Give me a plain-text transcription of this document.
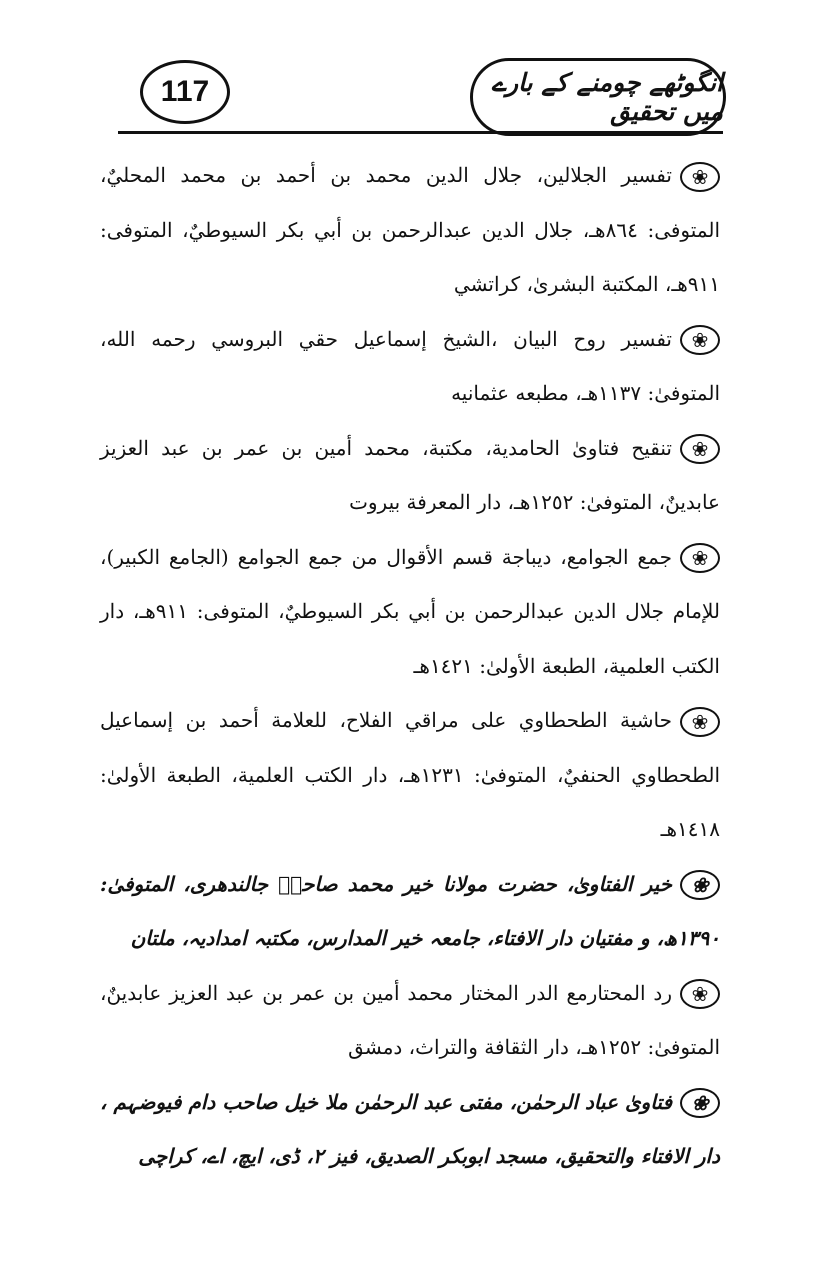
117	انگوٹھے چومنے کے بارے میں تحقیق

❀تفسير الجلالين، جلال الدين محمد بن أحمد بن محمد المحليٌ، المتوفى: ٨٦٤هـ، جلال الدين عبدالرحمن بن أبي بكر السيوطيٌ، المتوفى: ٩١١هـ، المكتبة البشرىٰ، كراتشي

❀تفسير روح البيان ،الشيخ إسماعيل حقي البروسي رحمه الله، المتوفىٰ: ١١٣٧هـ، مطبعه عثمانيه

❀تنقيح فتاوىٰ الحامدية، مكتبة، محمد أمين بن عمر بن عبد العزيز عابدينٌ، المتوفىٰ: ١٢٥٢هـ، دار المعرفة بيروت

❀جمع الجوامع، ديباجة قسم الأقوال من جمع الجوامع (الجامع الكبير)، للإمام جلال الدين عبدالرحمن بن أبي بكر السيوطيٌ، المتوفى: ٩١١هـ، دار الكتب العلمية، الطبعة الأولىٰ: ١٤٢١هـ

❀حاشية الطحطاوي على مراقي الفلاح، للعلامة أحمد بن إسماعيل الطحطاوي الحنفيٌ، المتوفىٰ: ١٢٣١هـ، دار الكتب العلمية، الطبعة الأولىٰ: ١٤١٨هـ

❀خیر الفتاوىٰ، حضرت مولانا خیر محمد صاحبؒ جالندھری، المتوفیٰ: ۱۳۹۰ھ، و مفتیان دار الافتاء، جامعہ خیر المدارس، مکتبہ امدادیہ، ملتان

❀رد المحتارمع الدر المختار محمد أمين بن عمر بن عبد العزيز عابدينٌ، المتوفىٰ: ١٢٥٢هـ، دار الثقافة والتراث، دمشق

❀فتاویٰ عباد الرحمٰن، مفتی عبد الرحمٰن ملا خیل صاحب دام فیوضہم ، دار الافتاء والتحقیق، مسجد ابوبکر الصدیق، فیز ۲، ڈی، ایچ، اے، کراچی
